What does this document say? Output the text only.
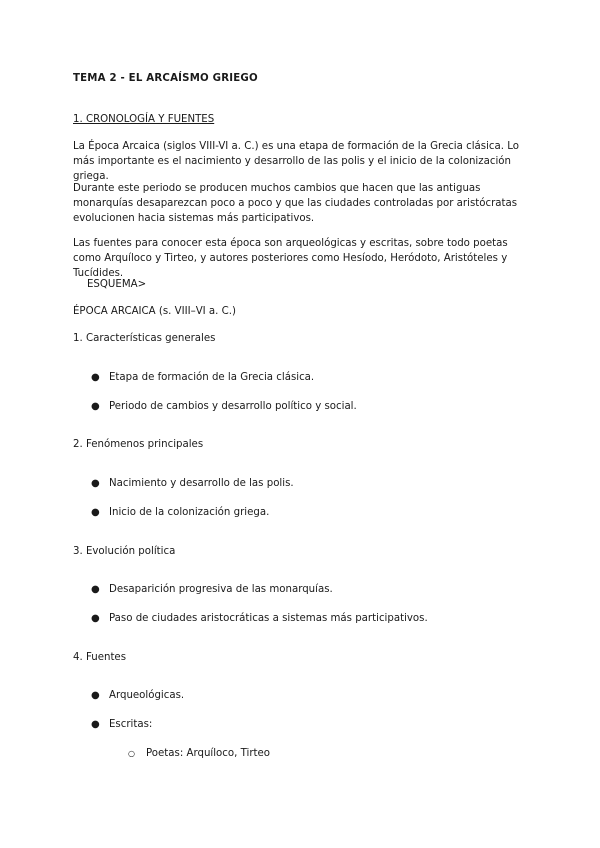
TEMA 2 - EL ARCAÍSMO GRIEGO
1. CRONOLOGÍA Y FUENTES

La Época Arcaica (siglos VIII-VI a. C.) es una etapa de formación de la Grecia clásica. Lo más importante es el nacimiento y desarrollo de las polis y el inicio de la colonización griega.

Durante este periodo se producen muchos cambios que hacen que las antiguas monarquías desaparezcan poco a poco y que las ciudades controladas por aristócratas evolucionen hacia sistemas más participativos.

Las fuentes para conocer esta época son arqueológicas y escritas, sobre todo poetas como Arquíloco y Tirteo, y autores posteriores como Hesíodo, Heródoto, Aristóteles y Tucídides.

ESQUEMA>
ÉPOCA ARCAICA (s. VIII–VI a. C.)
1. Características generales
● Etapa de formación de la Grecia clásica.
● Periodo de cambios y desarrollo político y social.
2. Fenómenos principales
● Nacimiento y desarrollo de las polis.
● Inicio de la colonización griega.
3. Evolución política
● Desaparición progresiva de las monarquías.
● Paso de ciudades aristocráticas a sistemas más participativos.
4. Fuentes
● Arqueológicas.
● Escritas:
○	Poetas: Arquíloco, Tirteo
